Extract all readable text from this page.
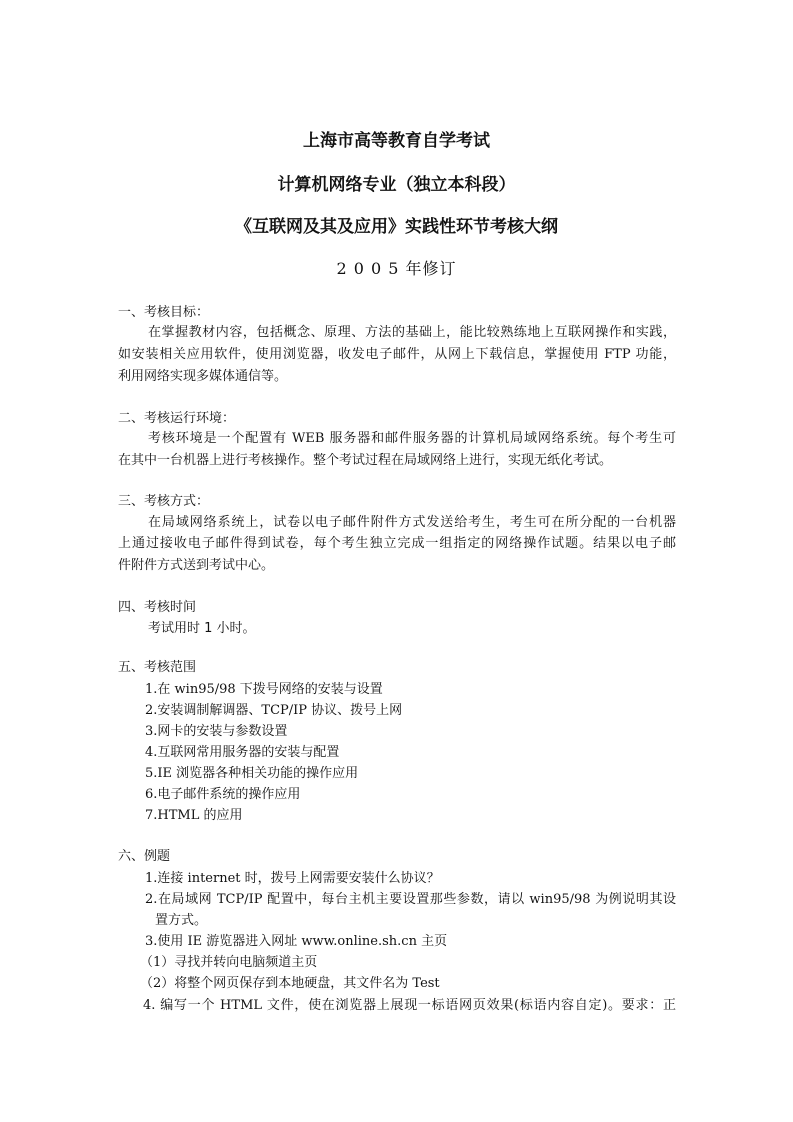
上海市高等教育自学考试
计算机网络专业（独立本科段）
《互联网及其及应用》实践性环节考核大纲
2 0 0 5 年修订
一、考核目标：
在掌握教材内容，包括概念、原理、方法的基础上，能比较熟练地上互联网操作和实践，
如安装相关应用软件，使用浏览器，收发电子邮件，从网上下载信息，掌握使用 FTP 功能，
利用网络实现多媒体通信等。
二、考核运行环境：
考核环境是一个配置有 WEB 服务器和邮件服务器的计算机局域网络系统。每个考生可
在其中一台机器上进行考核操作。整个考试过程在局域网络上进行，实现无纸化考试。
三、考核方式：
在局域网络系统上，试卷以电子邮件附件方式发送给考生，考生可在所分配的一台机器
上通过接收电子邮件得到试卷，每个考生独立完成一组指定的网络操作试题。结果以电子邮
件附件方式送到考试中心。
四、考核时间
考试用时 1 小时。
五、考核范围
1.在 win95/98 下拨号网络的安装与设置
2.安装调制解调器、TCP/IP 协议、拨号上网
3.网卡的安装与参数设置
4.互联网常用服务器的安装与配置
5.IE 浏览器各种相关功能的操作应用
6.电子邮件系统的操作应用
7.HTML 的应用
六、例题
1.连接 internet 时，拨号上网需要安装什么协议？
2.在局域网 TCP/IP 配置中，每台主机主要设置那些参数，请以 win95/98 为例说明其设
置方式。
3.使用 IE 游览器进入网址 www.online.sh.cn 主页
（1）寻找并转向电脑频道主页
（2）将整个网页保存到本地硬盘，其文件名为 Test
4. 编写一个 HTML 文件，使在浏览器上展现一标语网页效果(标语内容自定)。要求：正
